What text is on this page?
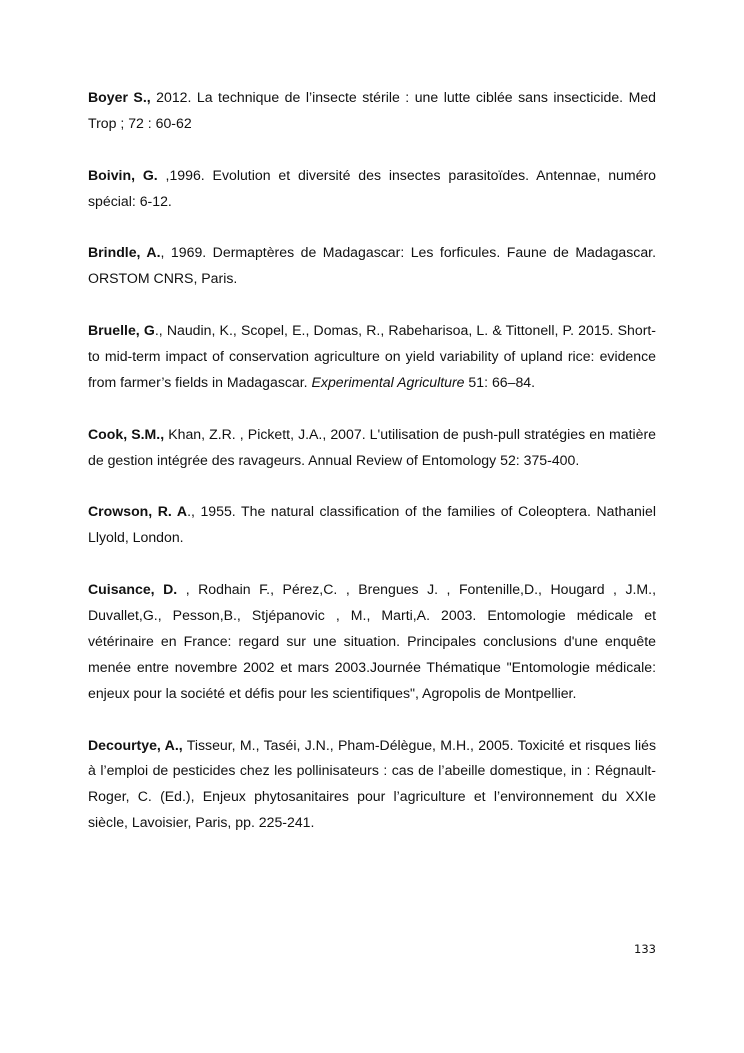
Boyer S., 2012. La technique de l’insecte stérile : une lutte ciblée sans insecticide. Med Trop ; 72 : 60-62

Boivin, G. ,1996. Evolution et diversité des insectes parasitoïdes. Antennae, numéro spécial: 6-12.

Brindle, A., 1969. Dermaptères de Madagascar: Les forficules. Faune de Madagascar. ORSTOM CNRS, Paris.

Bruelle, G., Naudin, K., Scopel, E., Domas, R., Rabeharisoa, L. & Tittonell, P. 2015. Short- to mid-term impact of conservation agriculture on yield variability of upland rice: evidence from farmer’s fields in Madagascar. Experimental Agriculture 51: 66–84.

Cook, S.M., Khan, Z.R. , Pickett, J.A., 2007. L'utilisation de push-pull stratégies en matière de gestion intégrée des ravageurs. Annual Review of Entomology 52: 375-400.

Crowson, R. A., 1955. The natural classification of the families of Coleoptera. Nathaniel Llyold, London.

Cuisance, D. , Rodhain F., Pérez,C. , Brengues J. , Fontenille,D., Hougard , J.M., Duvallet,G., Pesson,B., Stjépanovic , M., Marti,A. 2003. Entomologie médicale et vétérinaire en France: regard sur une situation. Principales conclusions d'une enquête menée entre novembre 2002 et mars 2003.Journée Thématique "Entomologie médicale: enjeux pour la société et défis pour les scientifiques", Agropolis de Montpellier.

Decourtye, A., Tisseur, M., Taséi, J.N., Pham-Délègue, M.H., 2005. Toxicité et risques liés à l’emploi de pesticides chez les pollinisateurs : cas de l’abeille domestique, in : Régnault-Roger, C. (Ed.), Enjeux phytosanitaires pour l’agriculture et l’environnement du XXIe siècle, Lavoisier, Paris, pp. 225-241.

133
